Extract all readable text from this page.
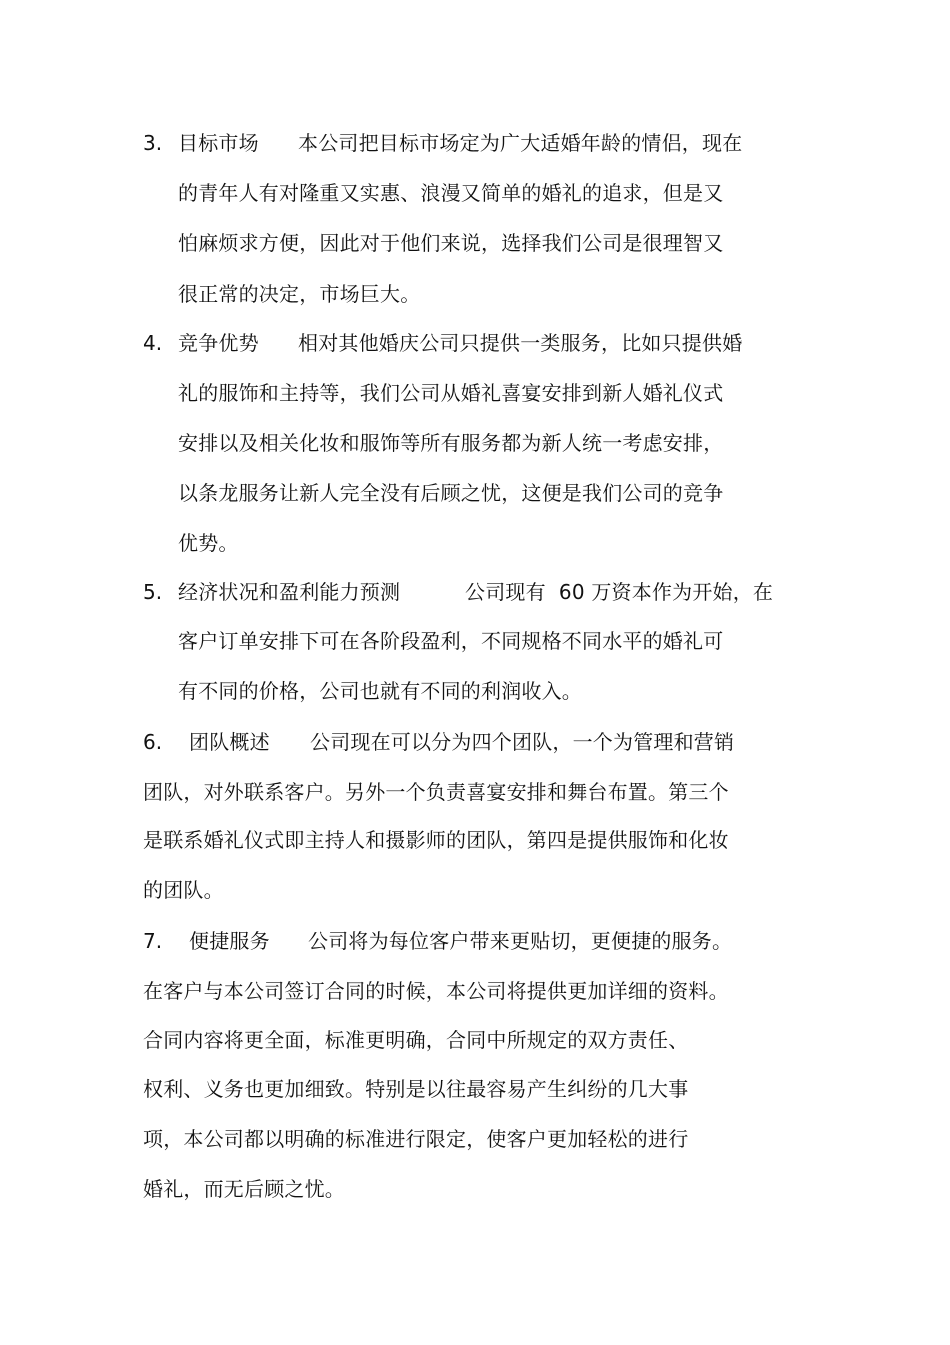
3. 目标市场 本公司把目标市场定为广大适婚年龄的情侣，现在
的青年人有对隆重又实惠、浪漫又简单的婚礼的追求，但是又
怕麻烦求方便，因此对于他们来说，选择我们公司是很理智又
很正常的决定，市场巨大。
4. 竞争优势 相对其他婚庆公司只提供一类服务，比如只提供婚
礼的服饰和主持等，我们公司从婚礼喜宴安排到新人婚礼仪式
安排以及相关化妆和服饰等所有服务都为新人统一考虑安排，
以条龙服务让新人完全没有后顾之忧，这便是我们公司的竞争
优势。
5. 经济状况和盈利能力预测	公司现有  60 万资本作为开始，在
客户订单安排下可在各阶段盈利，不同规格不同水平的婚礼可
有不同的价格，公司也就有不同的利润收入。
6. 团队概述 公司现在可以分为四个团队，一个为管理和营销
团队，对外联系客户。另外一个负责喜宴安排和舞台布置。第三个
是联系婚礼仪式即主持人和摄影师的团队，第四是提供服饰和化妆
的团队。
7. 便捷服务 公司将为每位客户带来更贴切，更便捷的服务。
在客户与本公司签订合同的时候，本公司将提供更加详细的资料。
合同内容将更全面，标准更明确，合同中所规定的双方责任、
权利、义务也更加细致。特别是以往最容易产生纠纷的几大事
项，本公司都以明确的标准进行限定，使客户更加轻松的进行
婚礼，而无后顾之忧。
